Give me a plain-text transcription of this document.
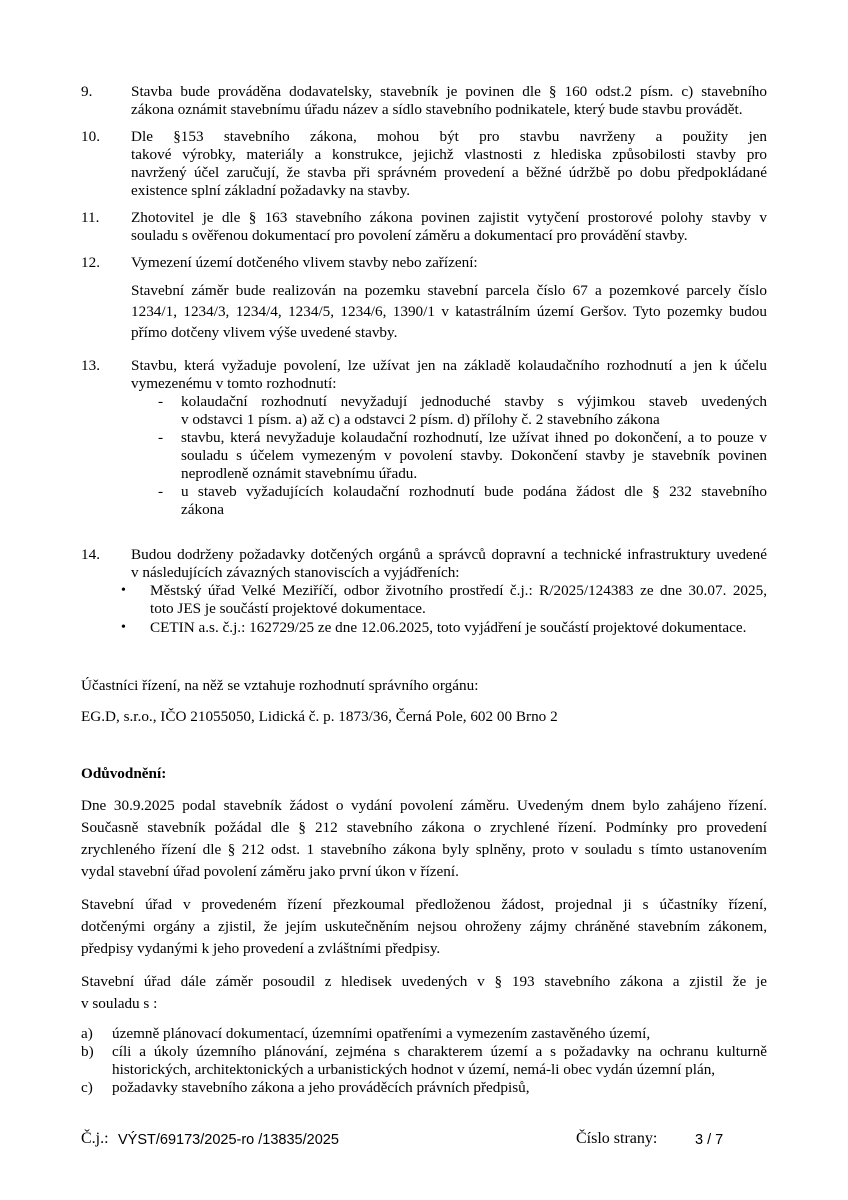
9.	Stavba bude prováděna dodavatelsky, stavebník je povinen dle § 160 odst.2 písm. c) stavebního
zákona oznámit stavebnímu úřadu název a sídlo stavebního podnikatele, který bude stavbu provádět.
10. Dle §153 stavebního zákona, mohou být pro stavbu navrženy a použity jen
takové výrobky, materiály a konstrukce, jejichž vlastnosti z hlediska způsobilosti stavby pro
navržený účel zaručují, že stavba při správném provedení a běžné údržbě po dobu předpokládané
existence splní základní požadavky na stavby.
11. Zhotovitel je dle § 163 stavebního zákona povinen zajistit vytyčení prostorové polohy stavby v
souladu s ověřenou dokumentací pro povolení záměru a dokumentací pro provádění stavby.
12. Vymezení území dotčeného vlivem stavby nebo zařízení:
Stavební záměr bude realizován na pozemku stavební parcela číslo 67 a pozemkové parcely číslo
1234/1, 1234/3, 1234/4, 1234/5, 1234/6, 1390/1 v katastrálním území Geršov. Tyto pozemky budou
přímo dotčeny vlivem výše uvedené stavby.
13. Stavbu, která vyžaduje povolení, lze užívat jen na základě kolaudačního rozhodnutí a jen k účelu
vymezenému v tomto rozhodnutí:
- kolaudační rozhodnutí nevyžadují jednoduché stavby s výjimkou staveb uvedených
v odstavci 1 písm. a) až c) a odstavci 2 písm. d) přílohy č. 2 stavebního zákona
- stavbu, která nevyžaduje kolaudační rozhodnutí, lze užívat ihned po dokončení, a to pouze v
souladu s účelem vymezeným v povolení stavby. Dokončení stavby je stavebník povinen
neprodleně oznámit stavebnímu úřadu.
- u staveb vyžadujících kolaudační rozhodnutí bude podána žádost dle § 232 stavebního
zákona
14. Budou dodrženy požadavky dotčených orgánů a správců dopravní a technické infrastruktury uvedené
v následujících závazných stanoviscích a vyjádřeních:
• Městský úřad Velké Meziříčí, odbor životního prostředí č.j.: R/2025/124383 ze dne 30.07. 2025,
toto JES je součástí projektové dokumentace.
• CETIN a.s. č.j.: 162729/25 ze dne 12.06.2025, toto vyjádření je součástí projektové dokumentace.
Účastníci řízení, na něž se vztahuje rozhodnutí správního orgánu:
EG.D, s.r.o., IČO 21055050, Lidická č. p. 1873/36, Černá Pole, 602 00 Brno 2
Odůvodnění:
Dne 30.9.2025 podal stavebník žádost o vydání povolení záměru. Uvedeným dnem bylo zahájeno řízení.
Současně stavebník požádal dle § 212 stavebního zákona o zrychlené řízení. Podmínky pro provedení
zrychleného řízení dle § 212 odst. 1 stavebního zákona byly splněny, proto v souladu s tímto ustanovením
vydal stavební úřad povolení záměru jako první úkon v řízení.
Stavební úřad v provedeném řízení přezkoumal předloženou žádost, projednal ji s účastníky řízení,
dotčenými orgány a zjistil, že jejím uskutečněním nejsou ohroženy zájmy chráněné stavebním zákonem,
předpisy vydanými k jeho provedení a zvláštními předpisy.
Stavební úřad dále záměr posoudil z hledisek uvedených v § 193 stavebního zákona a zjistil že je
v souladu s :
a) územně plánovací dokumentací, územními opatřeními a vymezením zastavěného území,
b) cíli a úkoly územního plánování, zejména s charakterem území a s požadavky na ochranu kulturně
historických, architektonických a urbanistických hodnot v území, nemá-li obec vydán územní plán,
c) požadavky stavebního zákona a jeho prováděcích právních předpisů,
Č.j.: VÝST/69173/2025-ro /13835/2025	Číslo strany:	3 / 7
